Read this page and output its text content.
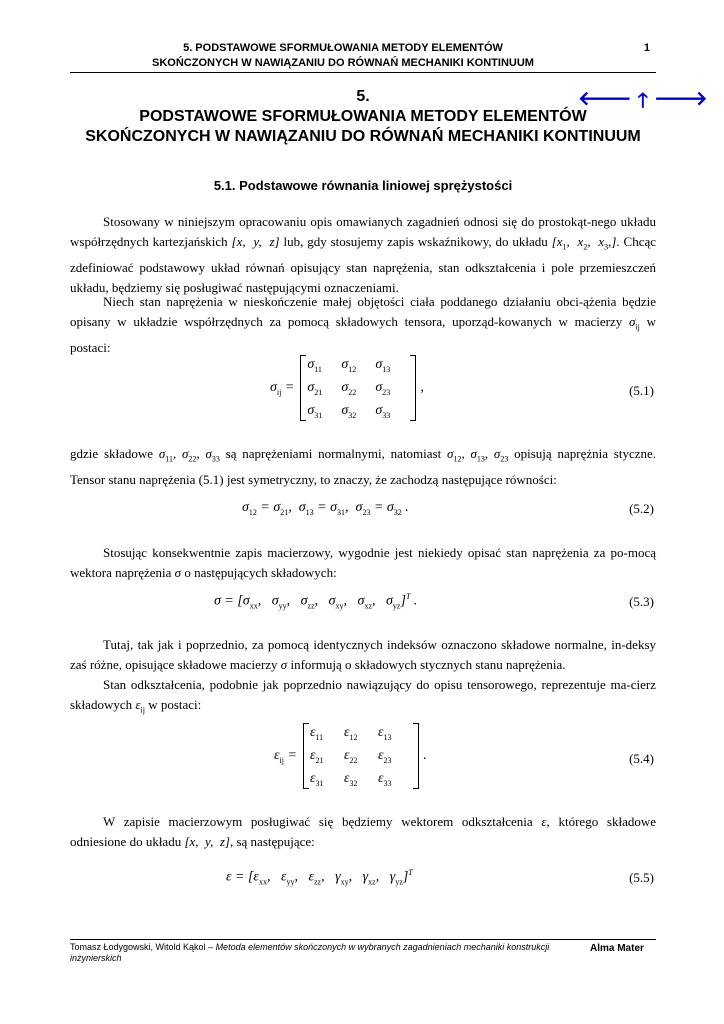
5. PODSTAWOWE SFORMUŁOWANIA METODY ELEMENTÓW
SKOŃCZONYCH W NAWIĄZANIU DO RÓWNAŃ MECHANIKI KONTINUUM
1
5.	🡐 🡑 🡒
PODSTAWOWE SFORMUŁOWANIA METODY ELEMENTÓW
SKOŃCZONYCH W NAWIĄZANIU DO RÓWNAŃ MECHANIKI KONTINUUM
5.1. Podstawowe równania liniowej sprężystości
Stosowany w niniejszym opracowaniu opis omawianych zagadnień odnosi się do prostokąt-nego układu współrzędnych kartezjańskich [x,  y,  z] lub, gdy stosujemy zapis wskaźnikowy, do układu [$x_1$,  $x_2$,  $x_3$,]. Chcąc zdefiniować podstawowy układ równań opisujący stan naprężenia, stan odkształcenia i pole przemieszczeń układu, będziemy się posługiwać następującymi oznaczeniami.
Niech stan naprężenia w nieskończenie małej objętości ciała poddanego działaniu obci-ążenia będzie opisany w układzie współrzędnych za pomocą składowych tensora, uporząd-kowanych w macierzy $\sigma_{ij}$ w postaci:
$\sigma_{ij}$ =
$\sigma_{11}$	$\sigma_{12}$	$\sigma_{13}$
$\sigma_{21}$	$\sigma_{22}$	$\sigma_{23}$
$\sigma_{31}$	$\sigma_{32}$	$\sigma_{33}$
,	(5.1)
gdzie składowe $\sigma_{11}$, $\sigma_{22}$, $\sigma_{33}$ są naprężeniami normalnymi, natomiast $\sigma_{12}$, $\sigma_{13}$, $\sigma_{23}$ opisują naprężnia styczne. Tensor stanu naprężenia (5.1) jest symetryczny, to znaczy, że zachodzą następujące równości:
$\sigma_{12} = \sigma_{21}$,  $\sigma_{13} = \sigma_{31}$,  $\sigma_{23} = \sigma_{32}$ .	(5.2)
Stosując konsekwentnie zapis macierzowy, wygodnie jest niekiedy opisać stan naprężenia za po-mocą wektora naprężenia σ o następujących składowych:
$\sigma = [\sigma_{xx}$,   $\sigma_{yy}$,   $\sigma_{zz}$,   $\sigma_{xy}$,   $\sigma_{xz}$,   $\sigma_{yz}]^T$ .	(5.3)
Tutaj, tak jak i poprzednio, za pomocą identycznych indeksów oznaczono składowe normalne, in-deksy zaś różne, opisujące składowe macierzy σ informują o składowych stycznych stanu naprężenia.
Stan odkształcenia, podobnie jak poprzednio nawiązujący do opisu tensorowego, reprezentuje ma-cierz składowych $\varepsilon_{ij}$ w postaci:
$\varepsilon_{ij}$ =
$\varepsilon_{11}$	$\varepsilon_{12}$	$\varepsilon_{13}$
$\varepsilon_{21}$	$\varepsilon_{22}$	$\varepsilon_{23}$
$\varepsilon_{31}$	$\varepsilon_{32}$	$\varepsilon_{33}$
.	(5.4)
W zapisie macierzowym posługiwać się będziemy wektorem odkształcenia ε, którego składowe odniesione do układu [x,  y,  z], są następujące:
$\varepsilon = [\varepsilon_{xx}$,   $\varepsilon_{yy}$,   $\varepsilon_{zz}$,   $\gamma_{xy}$,   $\gamma_{xz}$,   $\gamma_{yz}]^T$	(5.5)
Tomasz Łodygowski, Witold Kąkol – Metoda elementów skończonych w wybranych zagadnieniach mechaniki konstrukcji inżynierskich
Alma Mater
